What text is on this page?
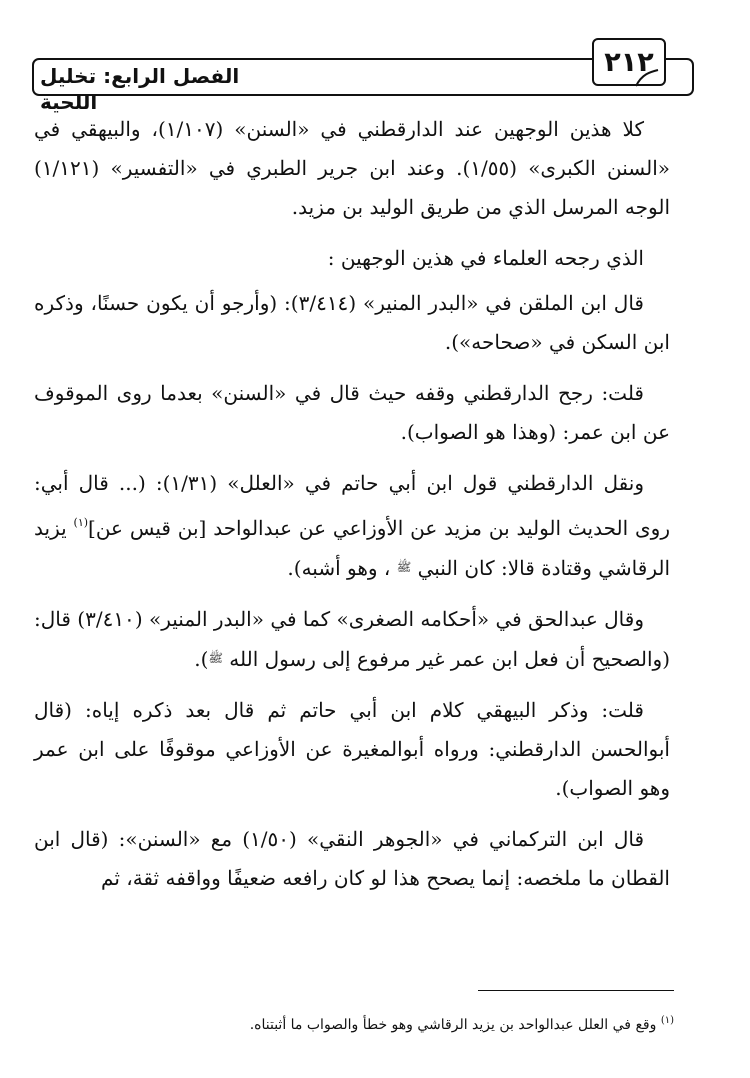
الفصل الرابع: تخليل اللحية
٢١٢

كلا هذين الوجهين عند الدارقطني في «السنن» (١/١٠٧)، والبيهقي في «السنن الكبرى» (١/٥٥). وعند ابن جرير الطبري في «التفسير» (١/١٢١) الوجه المرسل الذي من طريق الوليد بن مزيد.

الذي رجحه العلماء في هذين الوجهين :

قال ابن الملقن في «البدر المنير» (٣/٤١٤): (وأرجو أن يكون حسنًا، وذكره ابن السكن في «صحاحه»).

قلت: رجح الدارقطني وقفه حيث قال في «السنن» بعدما روى الموقوف عن ابن عمر: (وهذا هو الصواب).

ونقل الدارقطني قول ابن أبي حاتم في «العلل» (١/٣١): (... قال أبي: روى الحديث الوليد بن مزيد عن الأوزاعي عن عبدالواحد [بن قيس عن]$^{(١)}$ يزيد الرقاشي وقتادة قالا: كان النبي $^ﷺ$ ، وهو أشبه).

وقال عبدالحق في «أحكامه الصغرى» كما في «البدر المنير» (٣/٤١٠) قال: (والصحيح أن فعل ابن عمر غير مرفوع إلى رسول الله $^ﷺ$).

قلت: وذكر البيهقي كلام ابن أبي حاتم ثم قال بعد ذكره إياه: (قال أبوالحسن الدارقطني: ورواه أبوالمغيرة عن الأوزاعي موقوفًا على ابن عمر وهو الصواب).

قال ابن التركماني في «الجوهر النقي» (١/٥٠) مع «السنن»: (قال ابن القطان ما ملخصه: إنما يصحح هذا لو كان رافعه ضعيفًا وواقفه ثقة، ثم

$^{(١)}$ وقع في العلل عبدالواحد بن يزيد الرقاشي وهو خطأ والصواب ما أثبتناه.
